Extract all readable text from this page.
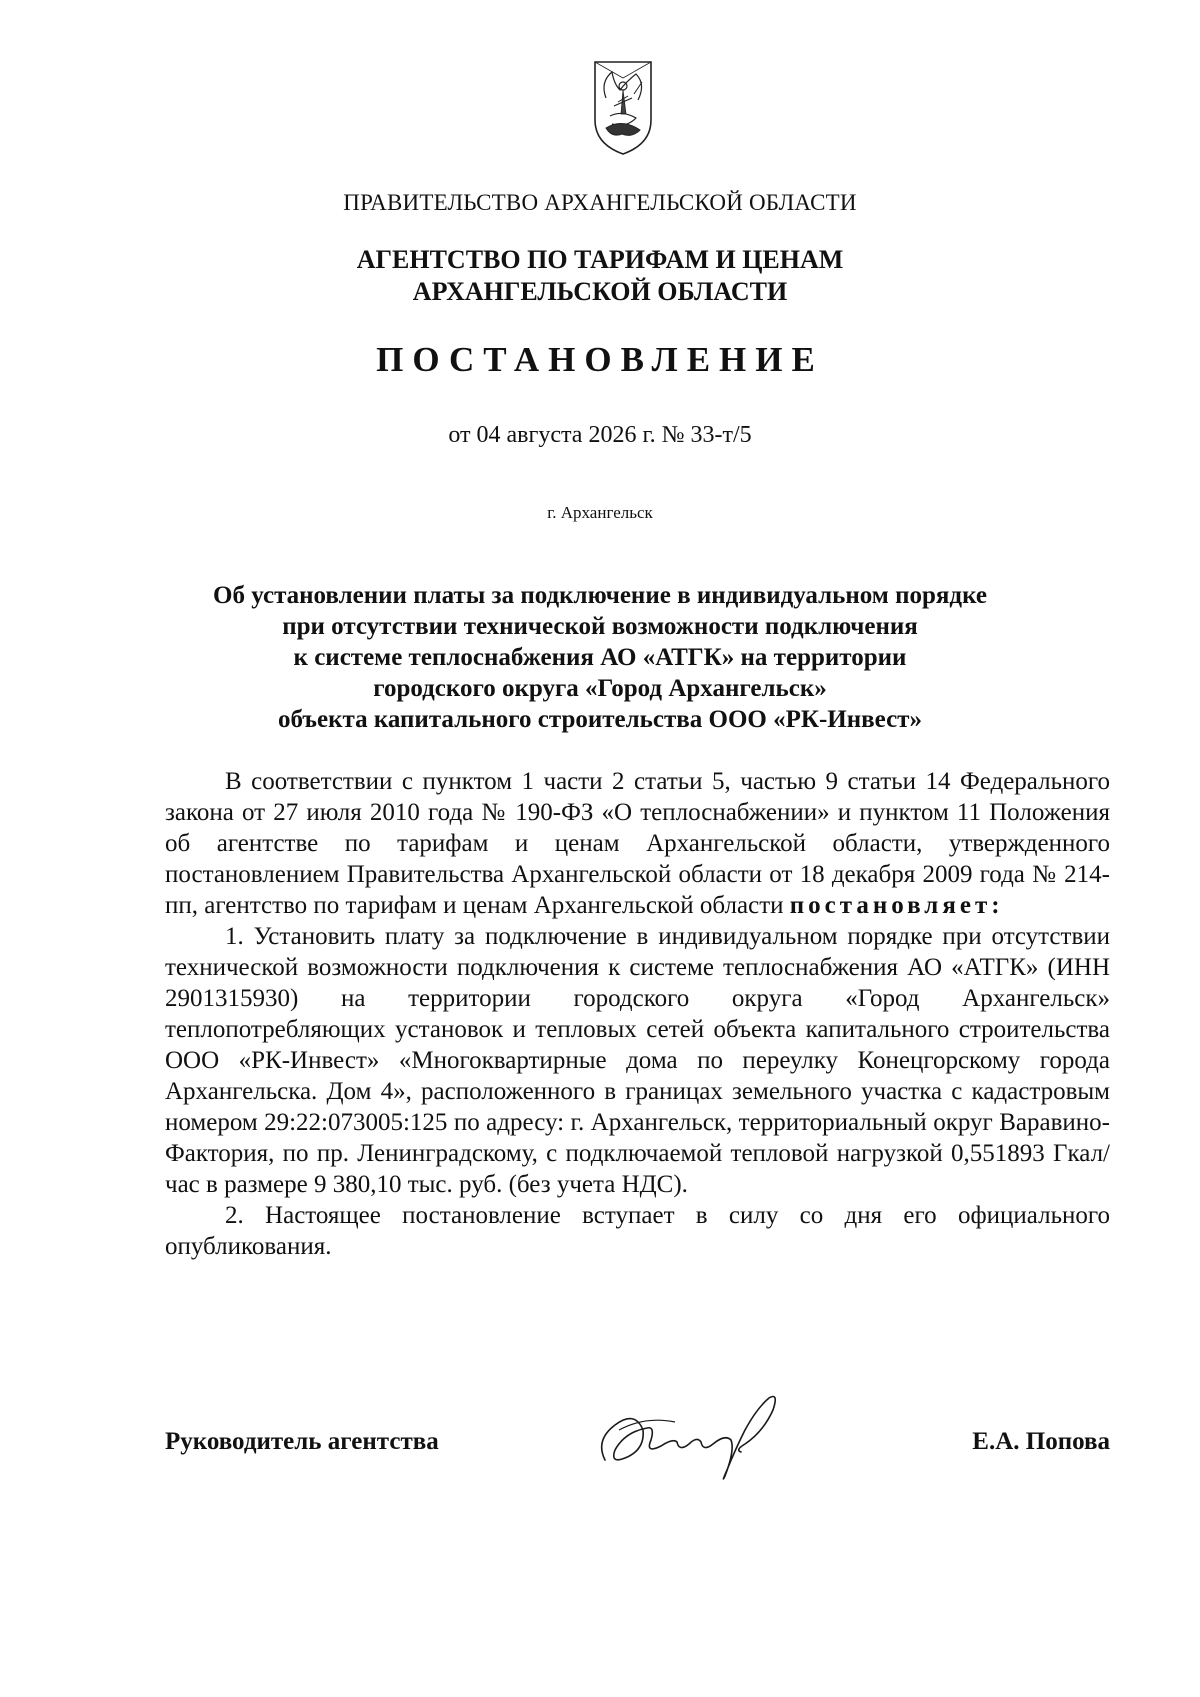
ПРАВИТЕЛЬСТВО АРХАНГЕЛЬСКОЙ ОБЛАСТИ
АГЕНТСТВО ПО ТАРИФАМ И ЦЕНАМ
АРХАНГЕЛЬСКОЙ ОБЛАСТИ
ПОСТАНОВЛЕНИЕ
от 04 августа 2026 г. № 33-т/5
г. Архангельск
Об установлении платы за подключение в индивидуальном порядке
при отсутствии технической возможности подключения
к системе теплоснабжения АО «АТГК» на территории
городского округа «Город Архангельск»
объекта капитального строительства ООО «РК-Инвест»

В соответствии с пунктом 1 части 2 статьи 5, частью 9 статьи 14 Федерального закона от 27 июля 2010 года № 190-ФЗ «О теплоснабжении» и пунктом 11 Положения об агентстве по тарифам и ценам Архангельской области, утвержденного постановлением Правительства Архангельской области от 18 декабря 2009 года № 214-пп, агентство по тарифам и ценам Архангельской области постановляет:

1. Установить плату за подключение в индивидуальном порядке при отсутствии технической возможности подключения к системе теплоснабжения АО «АТГК» (ИНН 2901315930) на территории городского округа «Город Архангельск» теплопотребляющих установок и тепловых сетей объекта капитального строительства ООО «РК-Инвест» «Многоквартирные дома по переулку Конецгорскому города Архангельска. Дом 4», расположенного в границах земельного участка с кадастровым номером 29:22:073005:125 по адресу: г. Архангельск, территориальный округ Варавино-Фактория, по пр. Ленинградскому, с подключаемой тепловой нагрузкой 0,551893 Гкал/час в размере 9 380,10 тыс. руб. (без учета НДС).

2. Настоящее постановление вступает в силу со дня его официального опубликования.

Руководитель агентства	Е.А. Попова
